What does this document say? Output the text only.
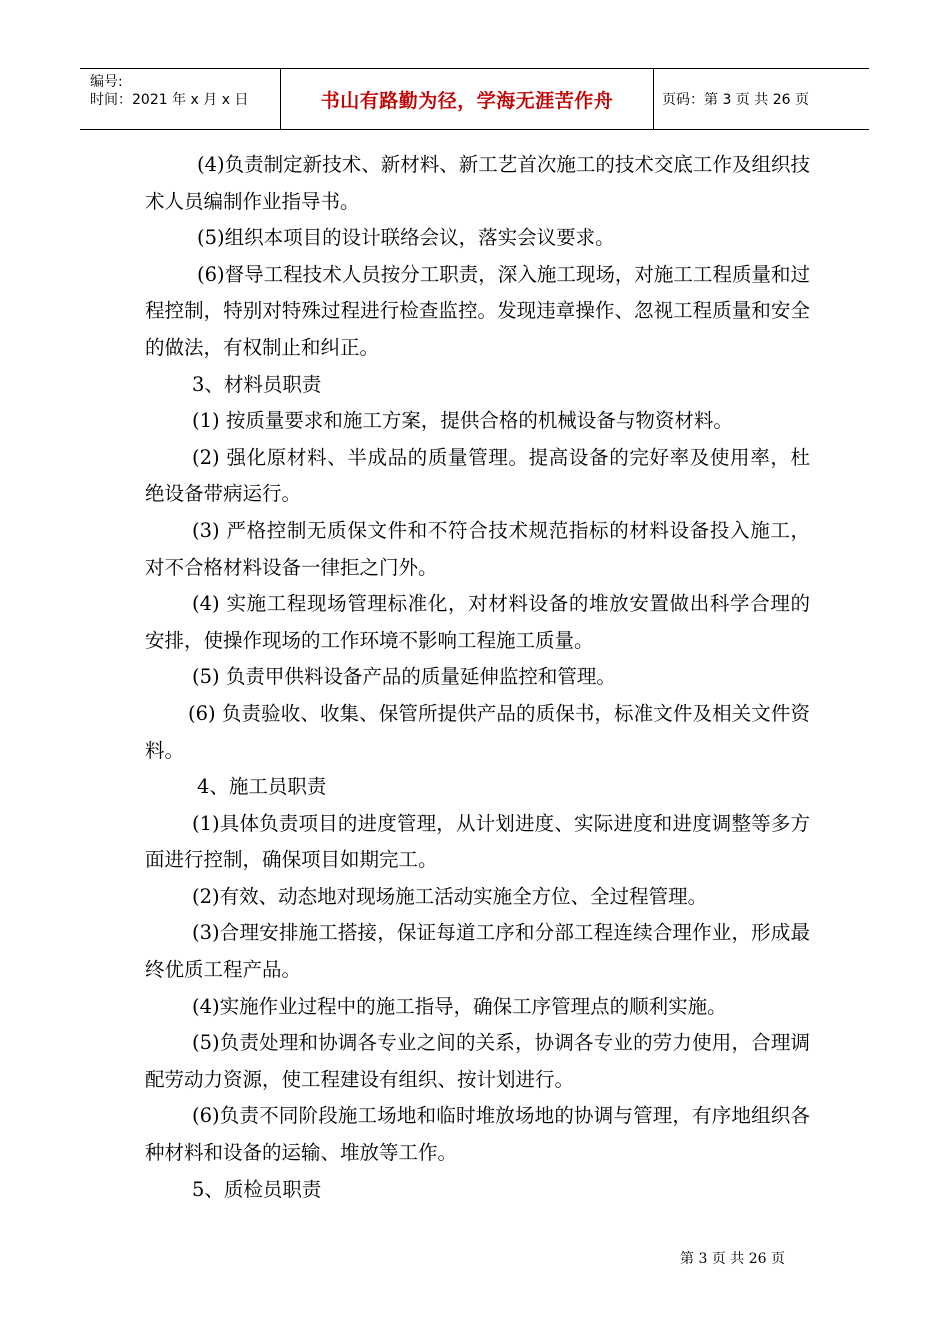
编号:
时间：2021 年 x 月 x 日	书山有路勤为径，学海无涯苦作舟	页码：第 3 页 共 26 页

(4)负责制定新技术、新材料、新工艺首次施工的技术交底工作及组织技术人员编制作业指导书。

(5)组织本项目的设计联络会议，落实会议要求。

(6)督导工程技术人员按分工职责，深入施工现场，对施工工程质量和过程控制，特别对特殊过程进行检查监控。发现违章操作、忽视工程质量和安全的做法，有权制止和纠正。

3、材料员职责

(1) 按质量要求和施工方案，提供合格的机械设备与物资材料。

(2) 强化原材料、半成品的质量管理。提高设备的完好率及使用率，杜绝设备带病运行。

(3) 严格控制无质保文件和不符合技术规范指标的材料设备投入施工，对不合格材料设备一律拒之门外。

(4) 实施工程现场管理标准化，对材料设备的堆放安置做出科学合理的安排，使操作现场的工作环境不影响工程施工质量。

(5) 负责甲供料设备产品的质量延伸监控和管理。

(6) 负责验收、收集、保管所提供产品的质保书，标准文件及相关文件资料。

4、施工员职责

(1)具体负责项目的进度管理，从计划进度、实际进度和进度调整等多方面进行控制，确保项目如期完工。

(2)有效、动态地对现场施工活动实施全方位、全过程管理。

(3)合理安排施工搭接，保证每道工序和分部工程连续合理作业，形成最终优质工程产品。

(4)实施作业过程中的施工指导，确保工序管理点的顺利实施。

(5)负责处理和协调各专业之间的关系，协调各专业的劳力使用，合理调配劳动力资源，使工程建设有组织、按计划进行。

(6)负责不同阶段施工场地和临时堆放场地的协调与管理，有序地组织各种材料和设备的运输、堆放等工作。

5、质检员职责

第 3 页 共 26 页
